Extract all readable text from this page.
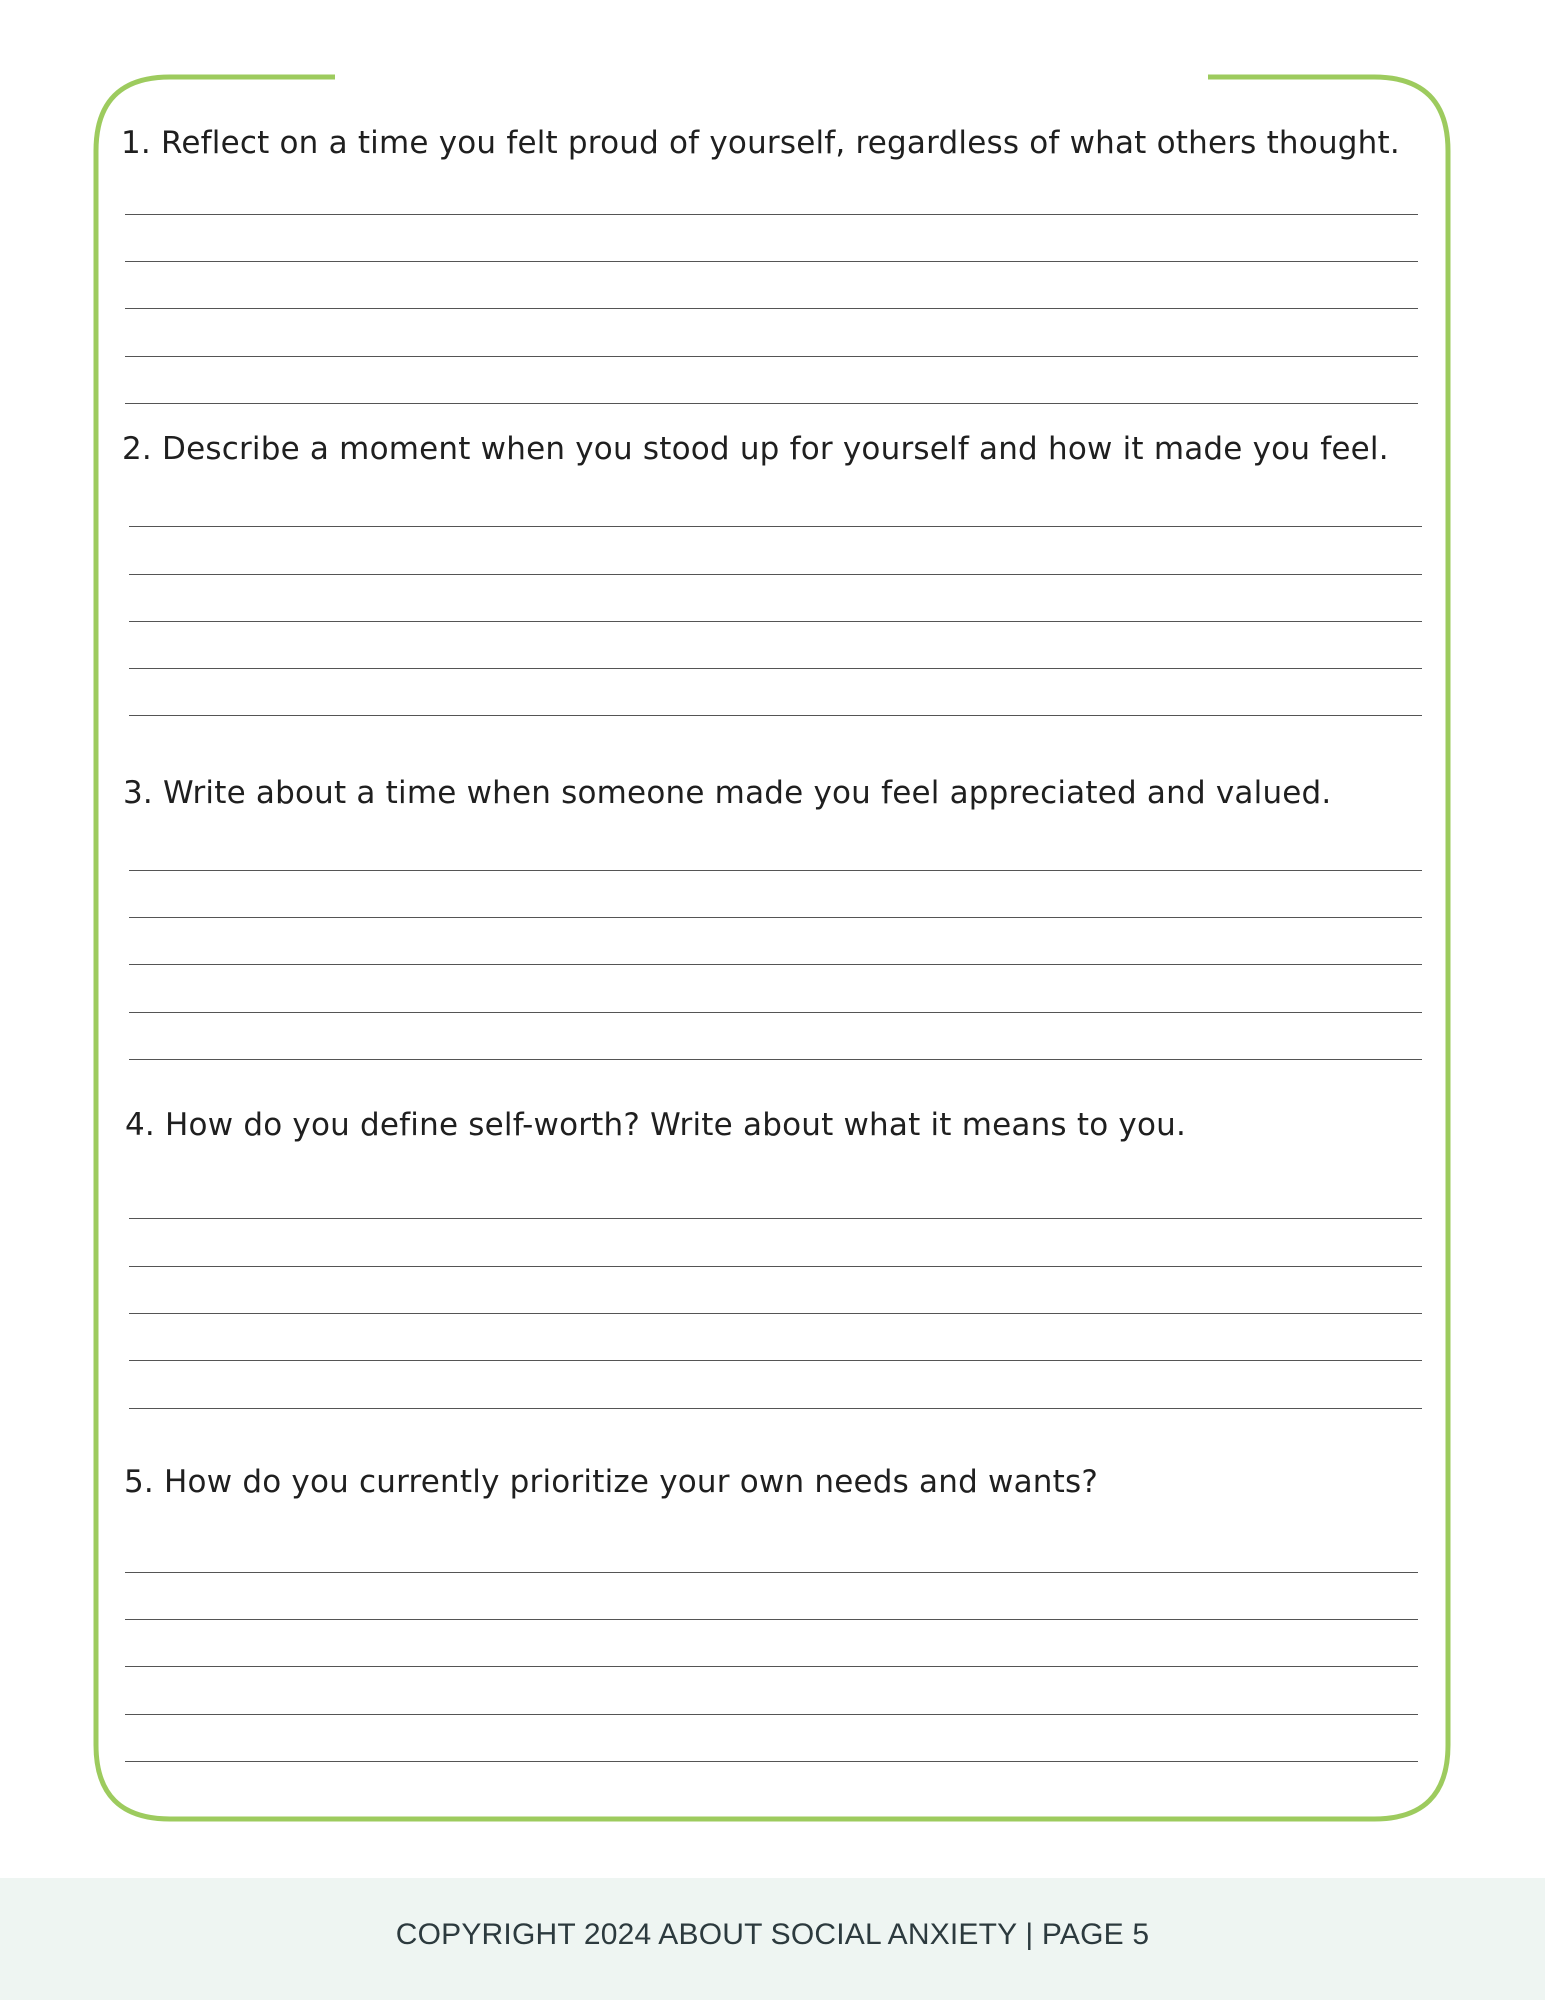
1. Reflect on a time you felt proud of yourself, regardless of what others thought.
2. Describe a moment when you stood up for yourself and how it made you feel.
3. Write about a time when someone made you feel appreciated and valued.
4. How do you define self-worth? Write about what it means to you.
5. How do you currently prioritize your own needs and wants?
COPYRIGHT 2024 ABOUT SOCIAL ANXIETY | PAGE 5
